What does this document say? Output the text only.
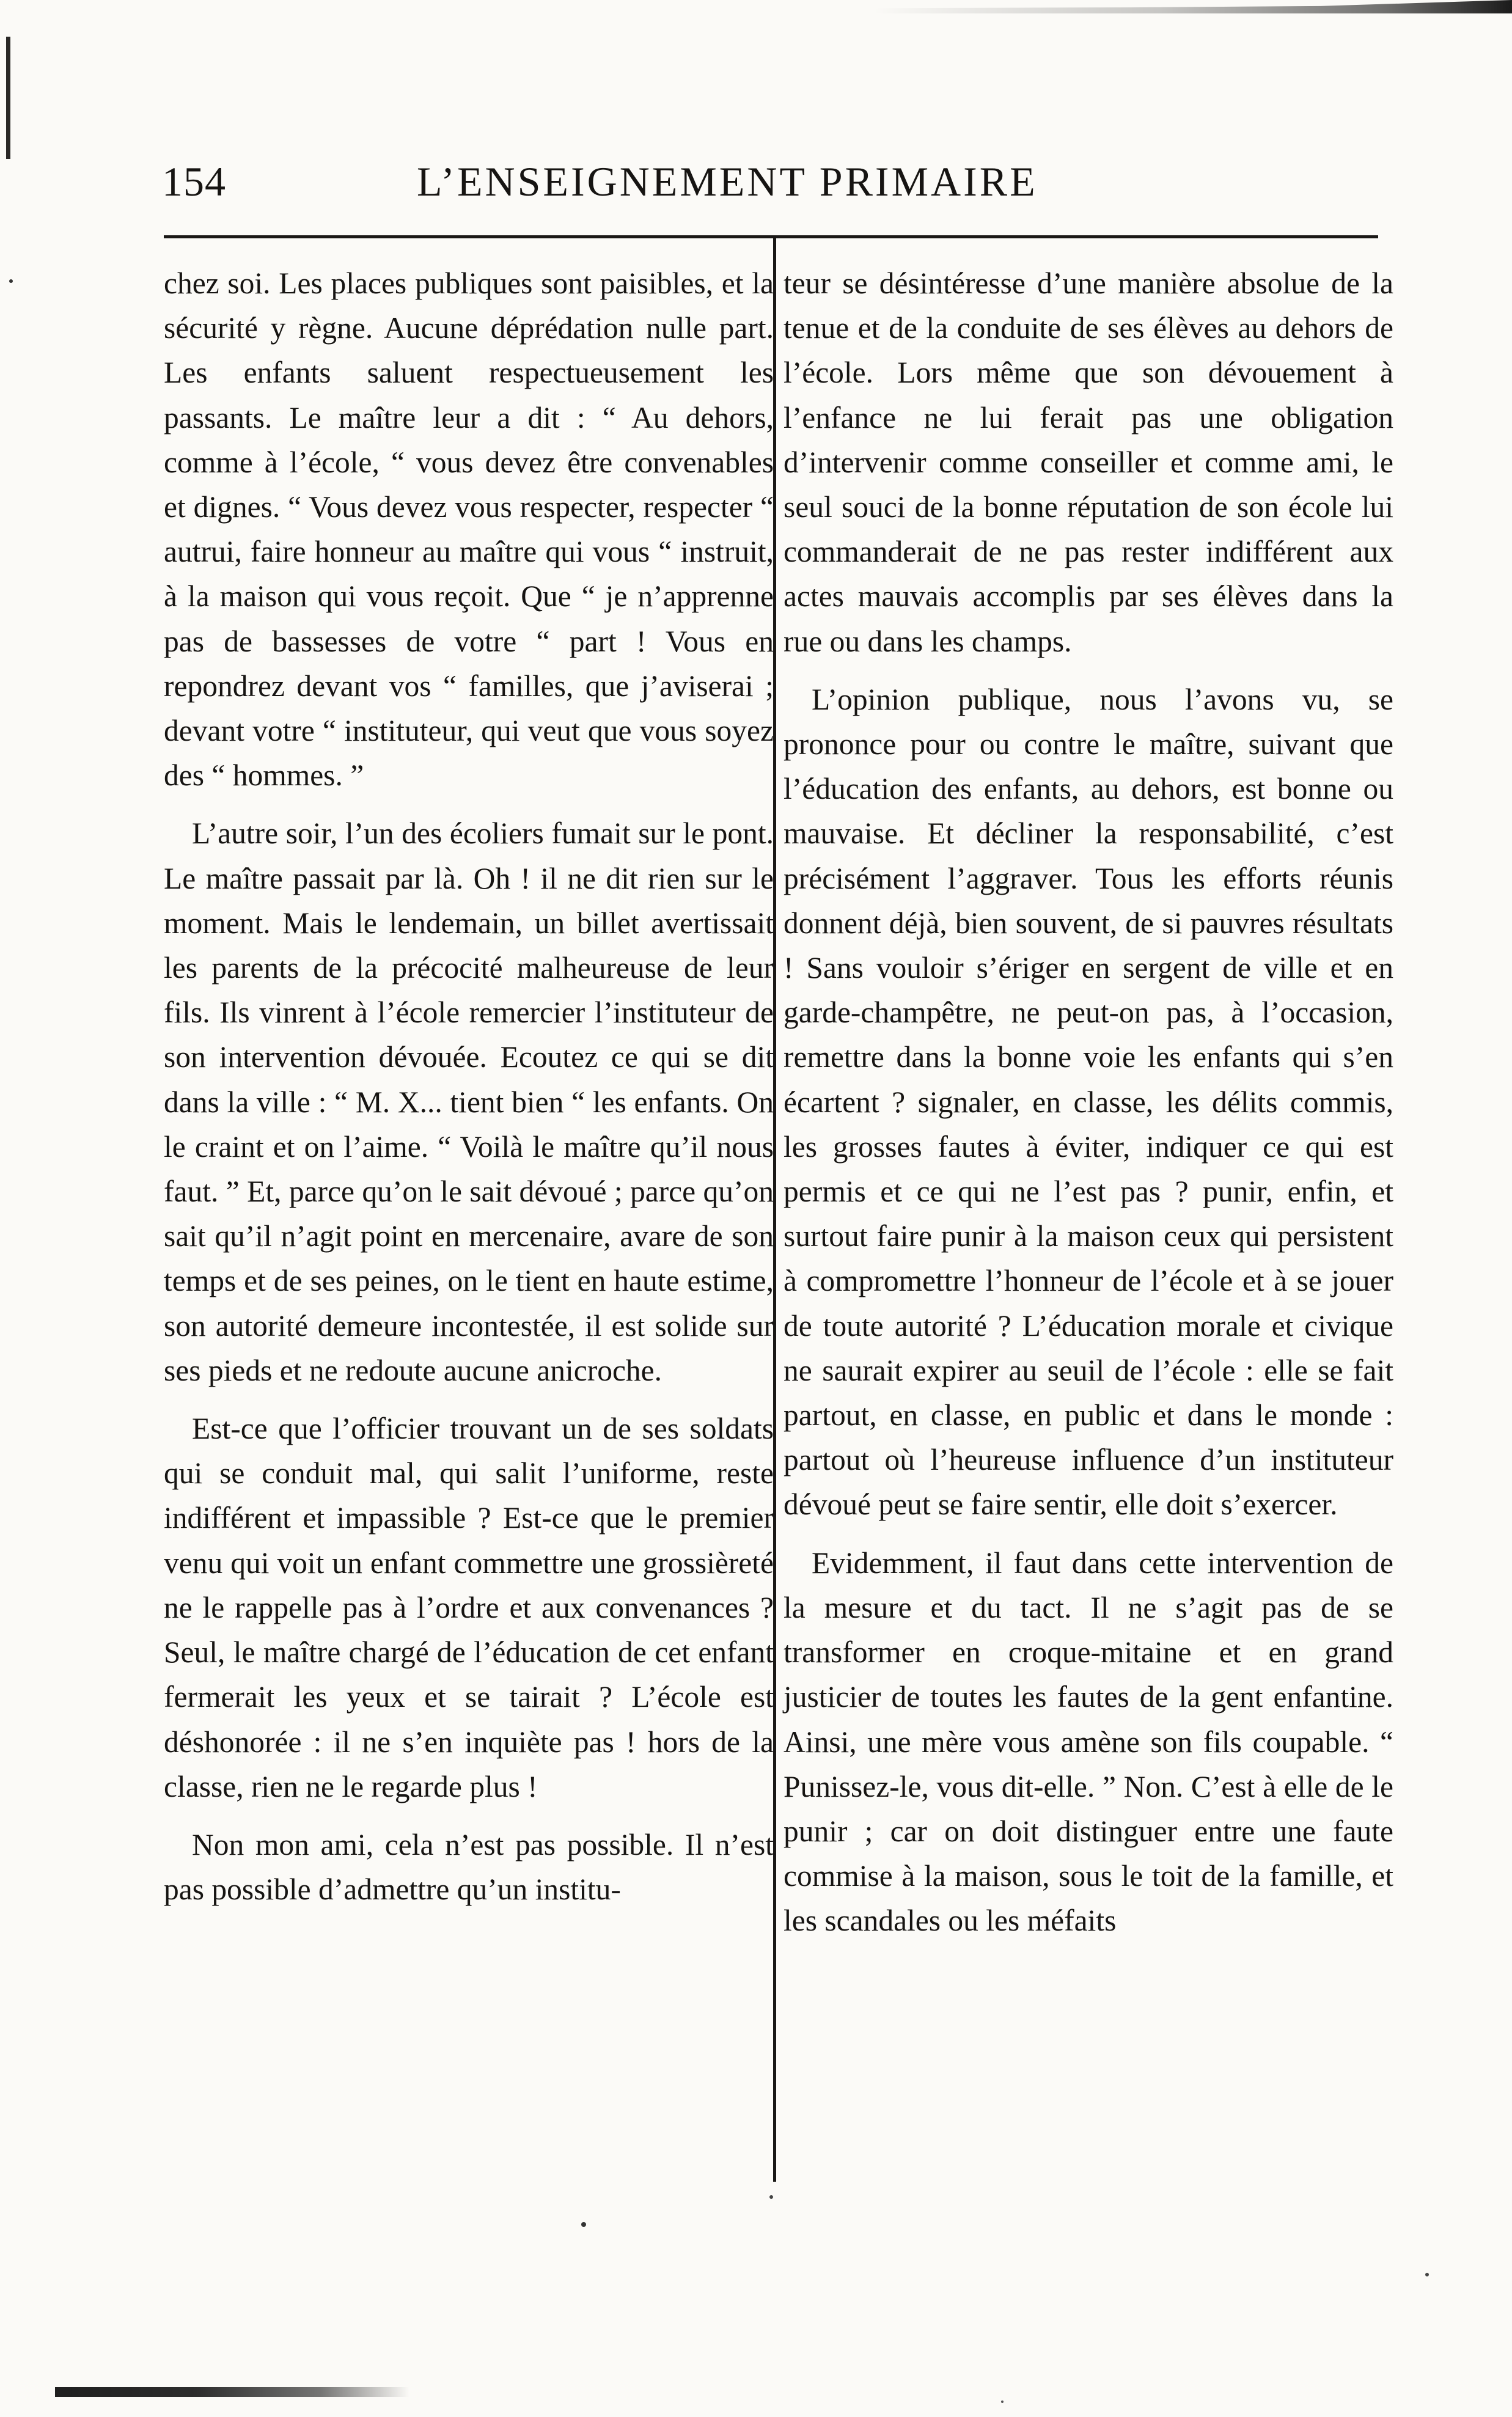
154	L’ENSEIGNEMENT PRIMAIRE

chez soi. Les places publiques sont paisibles, et la sécurité y règne. Aucune déprédation nulle part. Les enfants saluent respectueusement les passants. Le maître leur a dit : “ Au dehors, comme à l’école, “ vous devez être convenables et dignes. “ Vous devez vous respecter, respecter “ autrui, faire honneur au maître qui vous “ instruit, à la maison qui vous reçoit. Que “ je n’apprenne pas de bassesses de votre “ part ! Vous en repondrez devant vos “ familles, que j’aviserai ; devant votre “ instituteur, qui veut que vous soyez des “ hommes. ”

L’autre soir, l’un des écoliers fumait sur le pont. Le maître passait par là. Oh ! il ne dit rien sur le moment. Mais le lendemain, un billet avertissait les parents de la précocité malheureuse de leur fils. Ils vinrent à l’école remercier l’instituteur de son intervention dévouée. Ecoutez ce qui se dit dans la ville : “ M. X... tient bien “ les enfants. On le craint et on l’aime. “ Voilà le maître qu’il nous faut. ” Et, parce qu’on le sait dévoué ; parce qu’on sait qu’il n’agit point en mercenaire, avare de son temps et de ses peines, on le tient en haute estime, son autorité demeure incontestée, il est solide sur ses pieds et ne redoute aucune anicroche.

Est-ce que l’officier trouvant un de ses soldats qui se conduit mal, qui salit l’uniforme, reste indifférent et impassible ? Est-ce que le premier venu qui voit un enfant commettre une grossièreté ne le rappelle pas à l’ordre et aux convenances ? Seul, le maître chargé de l’éducation de cet enfant fermerait les yeux et se tairait ? L’école est déshonorée : il ne s’en inquiète pas ! hors de la classe, rien ne le regarde plus !

Non mon ami, cela n’est pas possible. Il n’est pas possible d’admettre qu’un institu-

teur se désintéresse d’une manière absolue de la tenue et de la conduite de ses élèves au dehors de l’école. Lors même que son dévouement à l’enfance ne lui ferait pas une obligation d’intervenir comme conseiller et comme ami, le seul souci de la bonne réputation de son école lui commanderait de ne pas rester indifférent aux actes mauvais accomplis par ses élèves dans la rue ou dans les champs.

L’opinion publique, nous l’avons vu, se prononce pour ou contre le maître, suivant que l’éducation des enfants, au dehors, est bonne ou mauvaise. Et décliner la responsabilité, c’est précisément l’aggraver. Tous les efforts réunis donnent déjà, bien souvent, de si pauvres résultats ! Sans vouloir s’ériger en sergent de ville et en garde-champêtre, ne peut-on pas, à l’occasion, remettre dans la bonne voie les enfants qui s’en écartent ? signaler, en classe, les délits commis, les grosses fautes à éviter, indiquer ce qui est permis et ce qui ne l’est pas ? punir, enfin, et surtout faire punir à la maison ceux qui persistent à compromettre l’honneur de l’école et à se jouer de toute autorité ? L’éducation morale et civique ne saurait expirer au seuil de l’école : elle se fait partout, en classe, en public et dans le monde : partout où l’heureuse influence d’un instituteur dévoué peut se faire sentir, elle doit s’exercer.

Evidemment, il faut dans cette intervention de la mesure et du tact. Il ne s’agit pas de se transformer en croque-mitaine et en grand justicier de toutes les fautes de la gent enfantine. Ainsi, une mère vous amène son fils coupable. “ Punissez-le, vous dit-elle. ” Non. C’est à elle de le punir ; car on doit distinguer entre une faute commise à la maison, sous le toit de la famille, et les scandales ou les méfaits
